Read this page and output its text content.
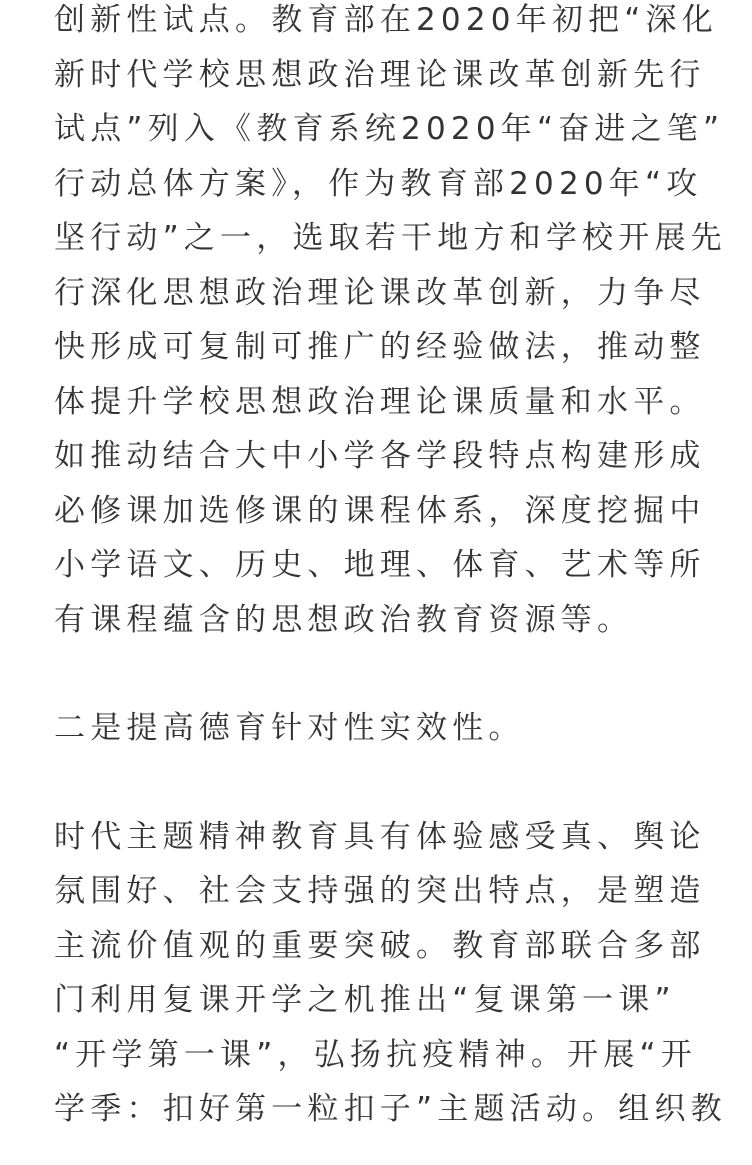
创新性试点。教育部在2020年初把“深化
新时代学校思想政治理论课改革创新先行
试点”列入《教育系统2020年“奋进之笔”
行动总体方案》，作为教育部2020年“攻
坚行动”之一，选取若干地方和学校开展先
行深化思想政治理论课改革创新，力争尽
快形成可复制可推广的经验做法，推动整
体提升学校思想政治理论课质量和水平。
如推动结合大中小学各学段特点构建形成
必修课加选修课的课程体系，深度挖掘中
小学语文、历史、地理、体育、艺术等所
有课程蕴含的思想政治教育资源等。
二是提高德育针对性实效性。
时代主题精神教育具有体验感受真、舆论
氛围好、社会支持强的突出特点，是塑造
主流价值观的重要突破。教育部联合多部
门利用复课开学之机推出“复课第一课”
“开学第一课”，弘扬抗疫精神。开展“开
学季：扣好第一粒扣子”主题活动。组织教
